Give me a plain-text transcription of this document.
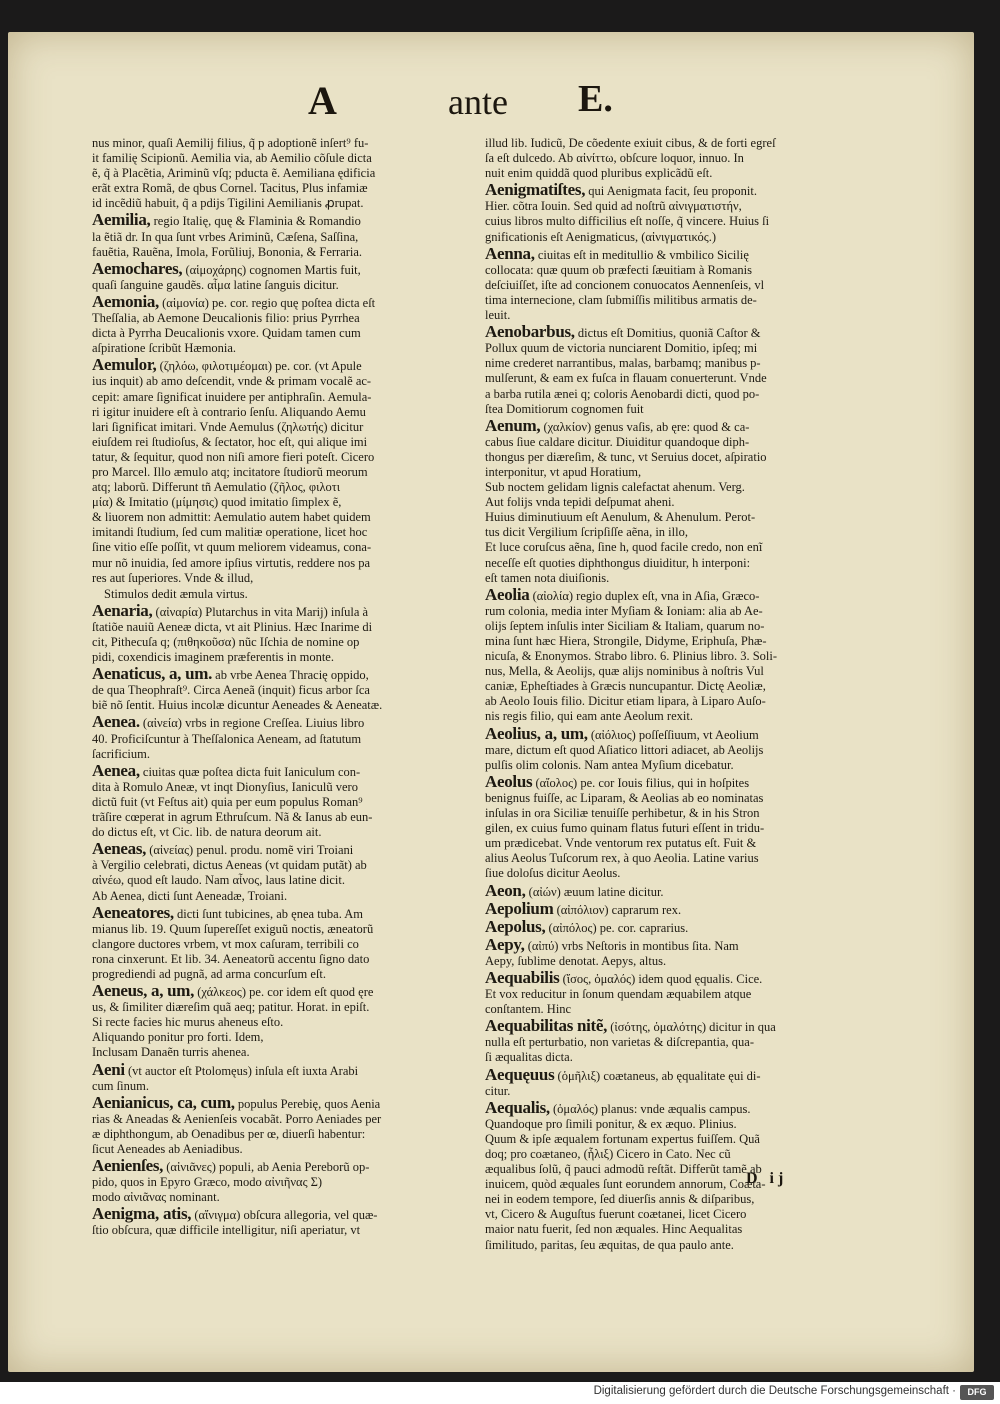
A	ante E.
nus minor, quaſi Aemilij filius, q̃ p adoptionẽ inſert⁹ fu-
it familię Scipionũ. Aemilia via, ab Aemilio cõſule dicta
ẽ, q̃ à Placẽtia, Ariminũ vſq; pducta ẽ. Aemiliana ędificia
erãt extra Romã, de qbus Cornel. Tacitus, Plus infamiæ
id incẽdiũ habuit, q̃ a pdijs Tigilini Aemilianis ꝓrupat.
Aemilia, regio Italię, quę & Flaminia & Romandio
la ẽtiã dr. In qua ſunt vrbes Ariminũ, Cæſena, Saſſina,
fauẽtia, Rauẽna, Imola, Forũliuj, Bononia, & Ferraria.
Aemochares, (αἱμοχάρης) cognomen Martis fuit,
quaſi ſanguine gaudẽs. αἷμα latine ſanguis dicitur.
Aemonia, (αἱμονία) pe. cor. regio quę poſtea dicta eſt
Theſſalia, ab Aemone Deucalionis filio: prius Pyrrhea
dicta à Pyrrha Deucalionis vxore. Quidam tamen cum
aſpiratione ſcribũt Hæmonia.
Aemulor, (ζηλόω, φιλοτιμέομαι) pe. cor. (vt Apule
ius inquit) ab amo deſcendit, vnde & primam vocalẽ ac-
cepit: amare ſignificat inuidere per antiphraſin. Aemula-
ri igitur inuidere eſt à contrario ſenſu. Aliquando Aemu
lari ſignificat imitari. Vnde Aemulus (ζηλωτής) dicitur
eiuſdem rei ſtudioſus, & ſectator, hoc eſt, qui alique imi
tatur, & ſequitur, quod non niſi amore fieri poteſt. Cicero
pro Marcel. Illo æmulo atq; incitatore ſtudiorũ meorum
atq; laborũ. Differunt tñ Aemulatio (ζῆλος, φιλοτι
μία) & Imitatio (μίμησις) quod imitatio ſimplex ẽ,
& liuorem non admittit: Aemulatio autem habet quidem
imitandi ſtudium, ſed cum malitiæ operatione, licet hoc
ſine vitio eſſe poſſit, vt quum meliorem videamus, cona-
mur nõ inuidia, ſed amore ipſius virtutis, reddere nos pa
res aut ſuperiores. Vnde & illud,
Stimulos dedit æmula virtus.
Aenaria, (αἰναρία) Plutarchus in vita Marij) inſula à
ſtatiõe nauiũ Aeneæ dicta, vt ait Plinius. Hæc Inarime di
cit, Pithecuſa q; (πιθηκοῦσα) nũc Iſchia de nomine op
pidi, coxendicis imaginem præferentis in monte.
Aenaticus, a, um. ab vrbe Aenea Thracię oppido,
de qua Theophraſt⁹. Circa Aeneã (inquit) ficus arbor ſca
biẽ nõ ſentit. Huius incolæ dicuntur Aeneades & Aeneatæ.
Aenea. (αἰνεία) vrbs in regione Creſſea. Liuius libro
40. Proficiſcuntur à Theſſalonica Aeneam, ad ſtatutum
ſacrificium.
Aenea, ciuitas quæ poſtea dicta fuit Ianiculum con-
dita à Romulo Aneæ, vt inqt Dionyſius, Ianiculũ vero
dictũ fuit (vt Feſtus ait) quia per eum populus Roman⁹
trãſire cœperat in agrum Ethruſcum. Nã & Ianus ab eun-
do dictus eſt, vt Cic. lib. de natura deorum ait.
Aeneas, (αἰνείας) penul. produ. nomẽ viri Troiani
à Vergilio celebrati, dictus Aeneas (vt quidam putãt) ab
αἰνέω, quod eſt laudo. Nam αἶνος, laus latine dicit.
Ab Aenea, dicti ſunt Aeneadæ, Troiani.
Aeneatores, dicti ſunt tubicines, ab ęnea tuba. Am
mianus lib. 19. Quum ſupereſſet exiguũ noctis, æneatorũ
clangore ductores vrbem, vt mox caſuram, terribili co
rona cinxerunt. Et lib. 34. Aeneatorũ accentu ſigno dato
progrediendi ad pugnã, ad arma concurſum eſt.
Aeneus, a, um, (χάλκεος) pe. cor idem eſt quod ęre
us, & ſimiliter diæreſim quã aeq; patitur. Horat. in epiſt.
Si recte facies hic murus aheneus eſto.
Aliquando ponitur pro forti. Idem,
Inclusam Danaẽn turris ahenea.
Aeni (vt auctor eſt Ptolomęus) inſula eſt iuxta Arabi
cum ſinum.
Aenianicus, ca, cum, populus Perebię, quos Aenia
rias & Aneadas & Aenienſeis vocabãt. Porro Aeniades per
æ diphthongum, ab Oenadibus per œ, diuerſi habentur:
ſicut Aeneades ab Aeniadibus.
Aenienſes, (αἰνιᾶνες) populi, ab Aenia Pereborũ op-
pido, quos in Epyro Græco, modo αἰνιῆνας Σ)
modo αἰνιᾶνας nominant.
Aenigma, atis, (αἴνιγμα) obſcura allegoria, vel quæ-
ſtio obſcura, quæ difficile intelligitur, niſi aperiatur, vt
illud lib. Iudicũ, De cõedente exiuit cibus, & de forti egreſ
ſa eſt dulcedo. Ab αἰνίττω, obſcure loquor, innuo. In
nuit enim quiddã quod pluribus explicãdũ eſt.
Aenigmatiſtes, qui Aenigmata facit, ſeu proponit.
Hier. cõtra Iouin. Sed quid ad noſtrũ αἰνιγματιστήν,
cuius libros multo difficilius eſt noſſe, q̃ vincere. Huius ſi
gnificationis eſt Aenigmaticus, (αἰνιγματικός.)
Aenna, ciuitas eſt in meditullio & vmbilico Sicilię
collocata: quæ quum ob præfecti ſæuitiam à Romanis
deſciuiſſet, iſte ad concionem conuocatos Aennenſeis, vl
tima internecione, clam ſubmiſſis militibus armatis de-
leuit.
Aenobarbus, dictus eſt Domitius, quoniã Caſtor &
Pollux quum de victoria nunciarent Domitio, ipſeq; mi
nime crederet narrantibus, malas, barbamq; manibus p-
mulſerunt, & eam ex fuſca in flauam conuerterunt. Vnde
a barba rutila ænei q; coloris Aenobardi dicti, quod po-
ſtea Domitiorum cognomen fuit
Aenum, (χαλκίον) genus vaſis, ab ęre: quod & ca-
cabus ſiue caldare dicitur. Diuiditur quandoque diph-
thongus per diæreſim, & tunc, vt Seruius docet, aſpiratio
interponitur, vt apud Horatium,
Sub noctem gelidam lignis calefactat ahenum. Verg.
Aut folijs vnda tepidi deſpumat aheni.
Huius diminutiuum eſt Aenulum, & Ahenulum. Perot-
tus dicit Vergilium ſcripſiſſe aẽna, in illo,
Et luce coruſcus aẽna, ſine h, quod facile credo, non enĩ
neceſſe eſt quoties diphthongus diuiditur, h interponi:
eſt tamen nota diuiſionis.
Aeolia (αἰολία) regio duplex eſt, vna in Aſia, Græco-
rum colonia, media inter Myſiam & Ioniam: alia ab Ae-
olijs ſeptem inſulis inter Siciliam & Italiam, quarum no-
mina ſunt hæc Hiera, Strongile, Didyme, Eriphuſa, Phæ-
nicuſa, & Enonymos. Strabo libro. 6. Plinius libro. 3. Soli-
nus, Mella, & Aeolijs, quæ alijs nominibus à noſtris Vul
caniæ, Epheſtiades à Græcis nuncupantur. Dictę Aeoliæ,
ab Aeolo Iouis filio. Dicitur etiam lipara, à Liparo Auſo-
nis regis filio, qui eam ante Aeolum rexit.
Aeolius, a, um, (αἰόλιος) poſſeſſiuum, vt Aeolium
mare, dictum eſt quod Aſiatico littori adiacet, ab Aeolijs
pulſis olim colonis. Nam antea Myſium dicebatur.
Aeolus (αἴολος) pe. cor Iouis filius, qui in hoſpites
benignus fuiſſe, ac Liparam, & Aeolias ab eo nominatas
inſulas in ora Siciliæ tenuiſſe perhibetur, & in his Stron
gilen, ex cuius fumo quinam flatus futuri eſſent in tridu-
um prædicebat. Vnde ventorum rex putatus eſt. Fuit &
alius Aeolus Tuſcorum rex, à quo Aeolia. Latine varius
ſiue doloſus dicitur Aeolus.
Aeon, (αἰών) æuum latine dicitur.
Aepolium (αἰπόλιον) caprarum rex.
Aepolus, (αἰπόλος) pe. cor. caprarius.
Aepy, (αἰπύ) vrbs Neſtoris in montibus ſita. Nam
Aepy, ſublime denotat. Aepys, altus.
Aequabilis (ἴσος, ὁμαλός) idem quod ęqualis. Cice.
Et vox reducitur in ſonum quendam æquabilem atque
conſtantem. Hinc
Aequabilitas nitẽ, (ἰσότης, ὁμαλότης) dicitur in qua
nulla eſt perturbatio, non varietas & diſcrepantia, qua-
ſi æqualitas dicta.
Aequęuus (ὁμῆλιξ) coætaneus, ab ęqualitate ęui di-
citur.
Aequalis, (ὁμαλός) planus: vnde æqualis campus.
Quandoque pro ſimili ponitur, & ex æquo. Plinius.
Quum & ipſe æqualem fortunam expertus fuiſſem. Quã
doq; pro coætaneo, (ἧλιξ) Cicero in Cato. Nec cũ
æqualibus ſolũ, q̃ pauci admodũ reſtãt. Differũt tamẽ ab
inuicem, quòd æquales ſunt eorundem annorum, Coæta-
nei in eodem tempore, ſed diuerſis annis & diſparibus,
vt, Cicero & Auguſtus fuerunt coætanei, licet Cicero
maior natu fuerit, ſed non æquales. Hinc Aequalitas
ſimilitudo, paritas, ſeu æquitas, de qua paulo ante.
D ij
Digitalisierung gefördert durch die Deutsche Forschungsgemeinschaft ·	DFG
